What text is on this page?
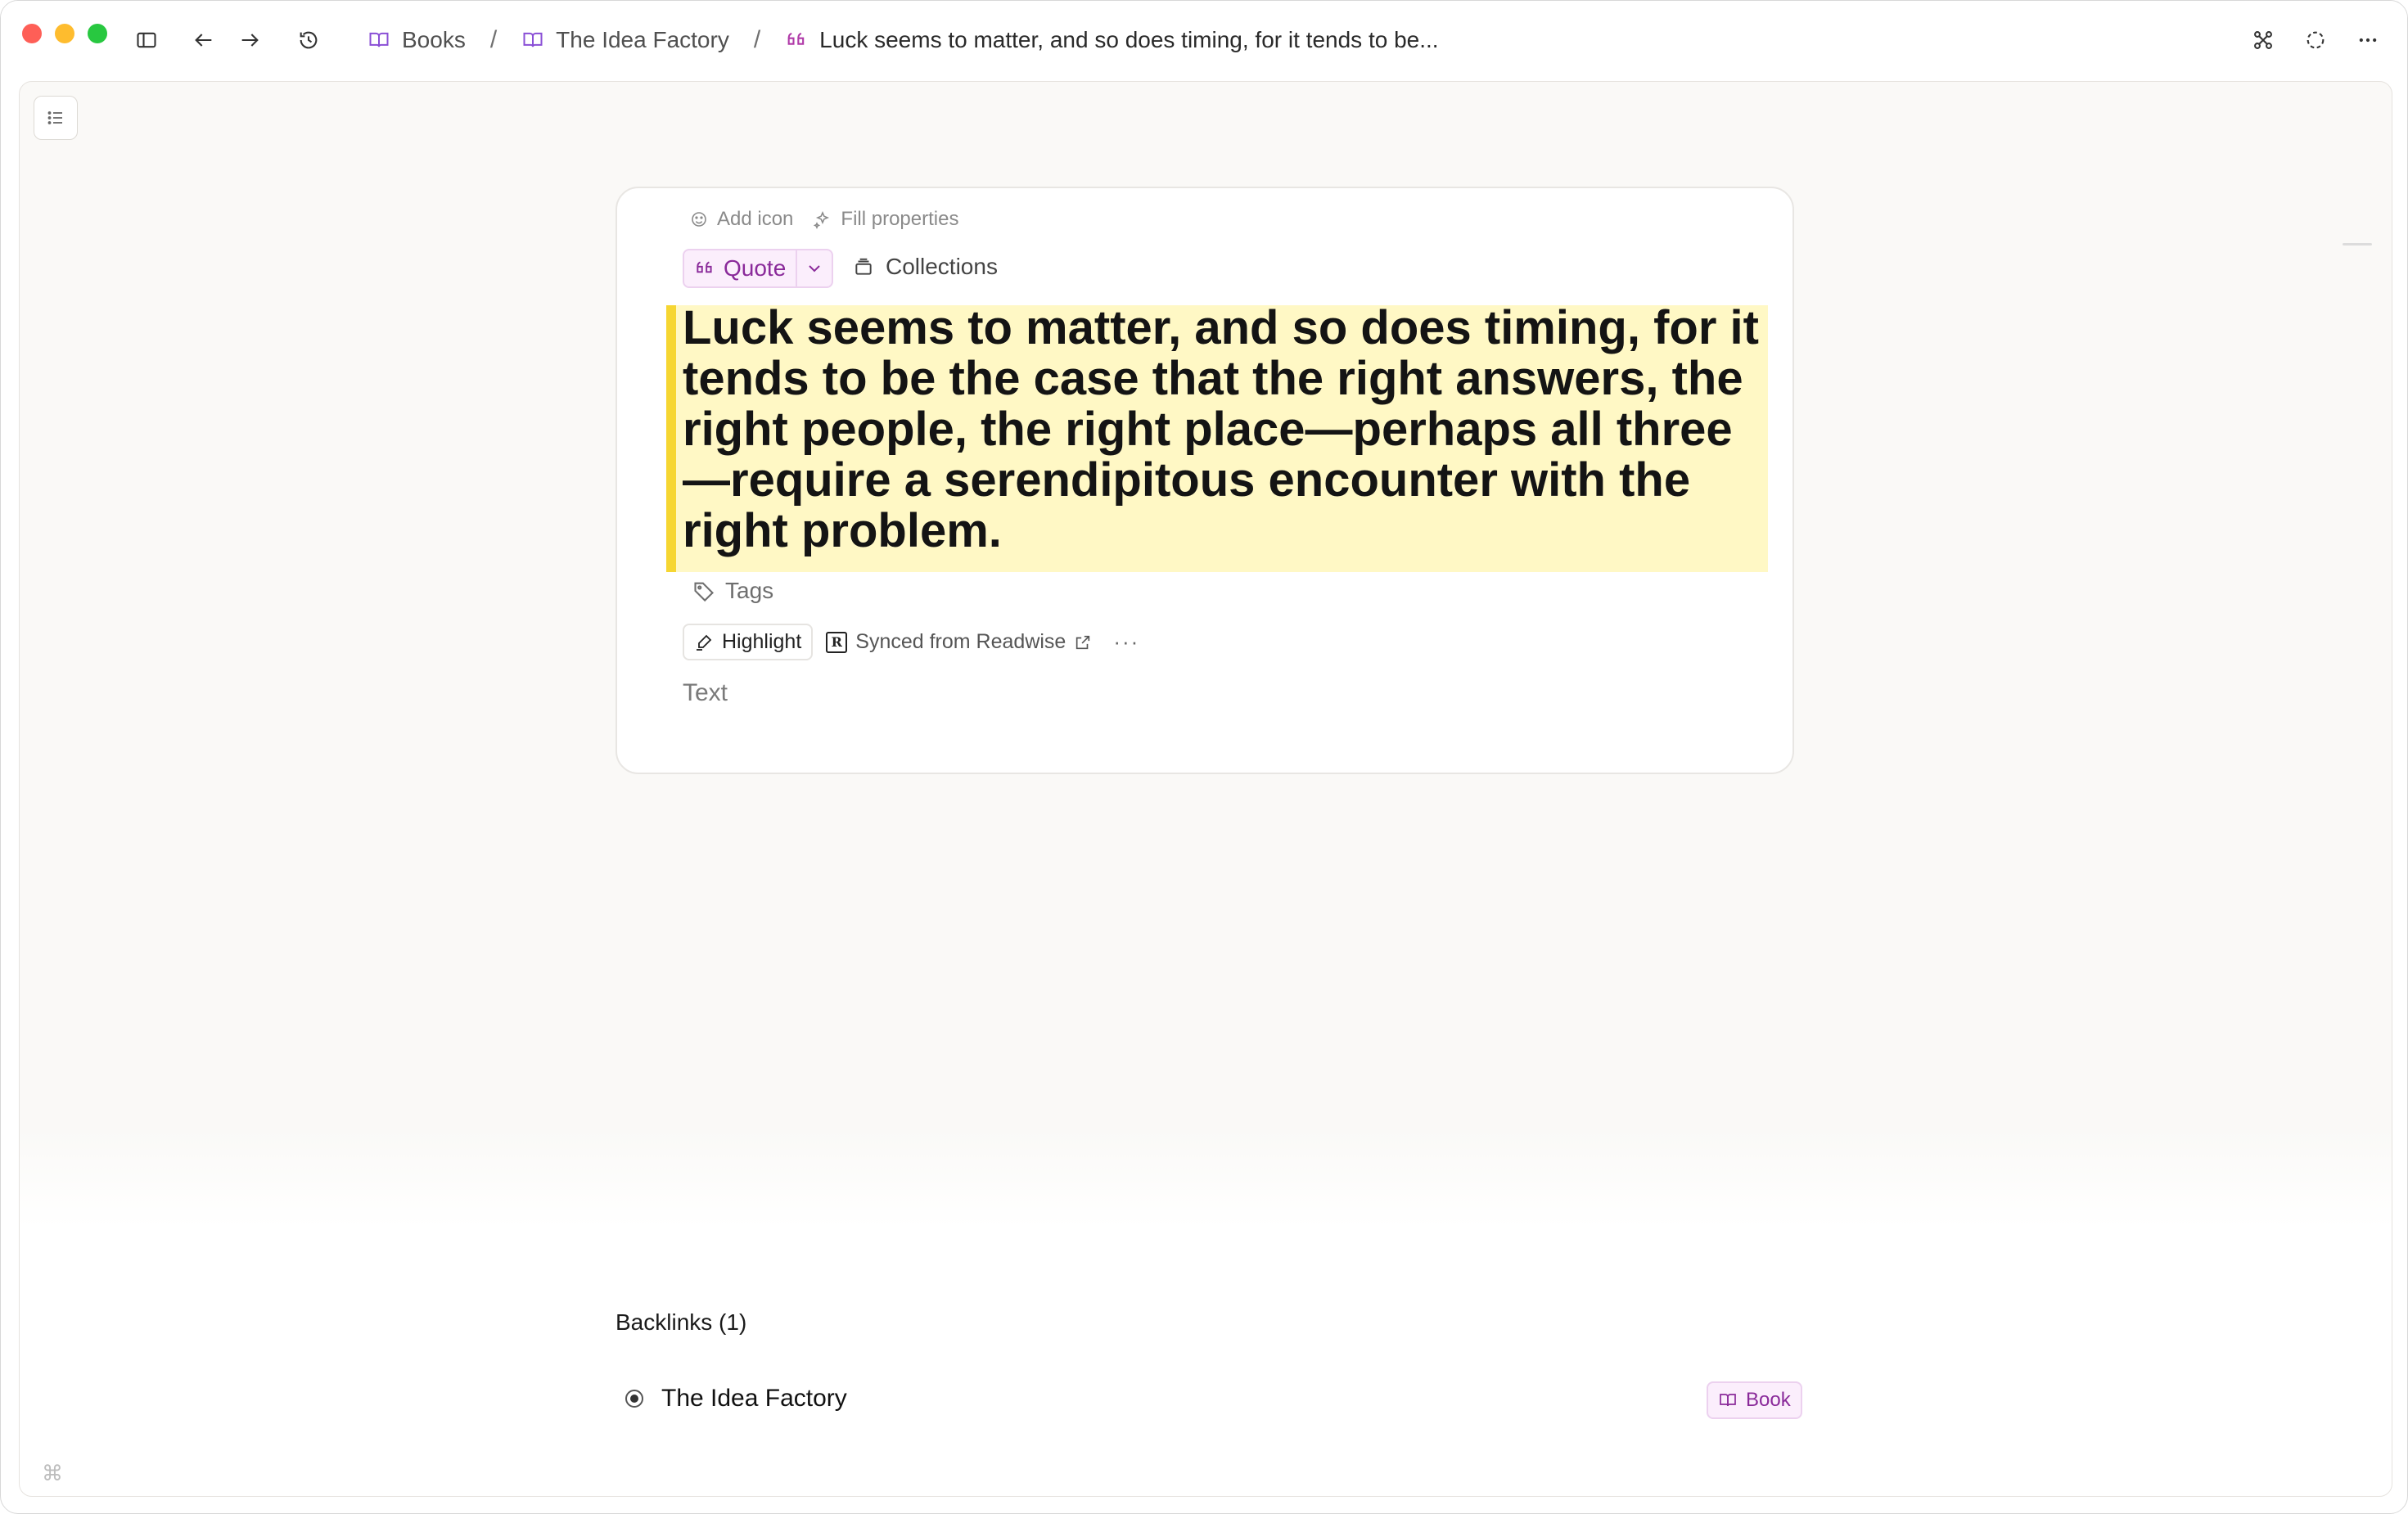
Books /	The Idea Factory /	Luck seems to matter, and so does timing, for it tends to be...
Add icon Fill properties
Quote	Collections
Luck seems to matter, and so does timing, for it tends to be the case that the right answers, the right people, the right place—perhaps all three —require a serendipitous encounter with the right problem.
Tags
Highlight	R Synced from Readwise ···
Text
Backlinks (1)
The Idea Factory	Book
⌘
